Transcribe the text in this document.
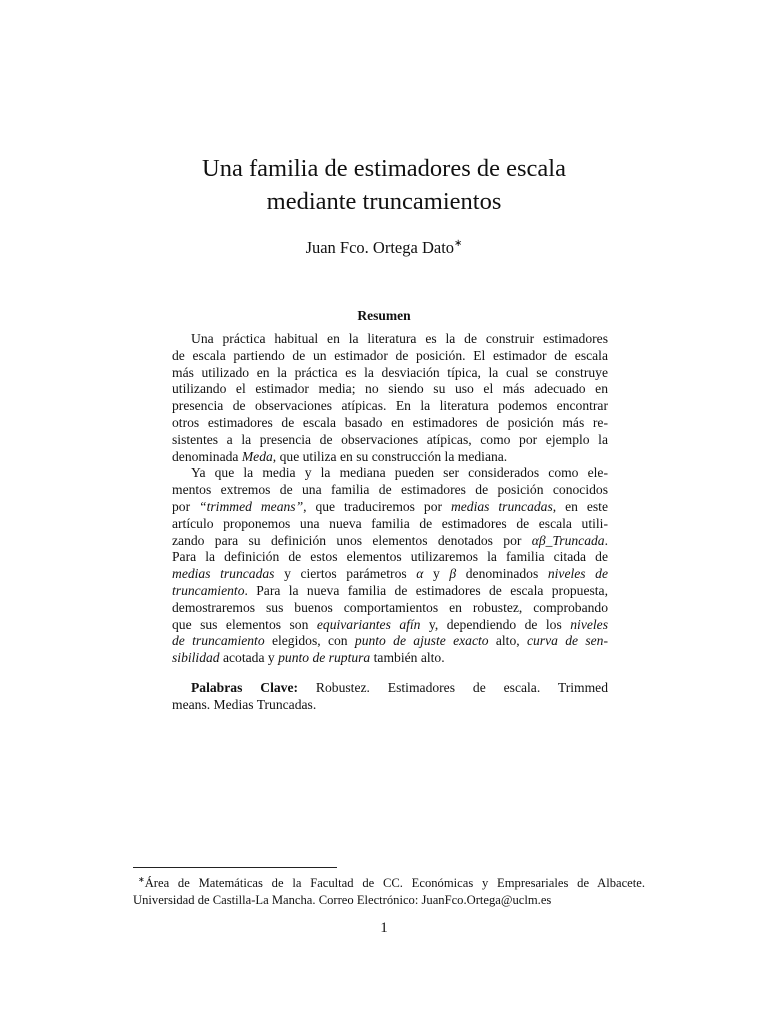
Una familia de estimadores de escala
mediante truncamientos
Juan Fco. Ortega Dato∗
Resumen
Una práctica habitual en la literatura es la de construir estimadores
de escala partiendo de un estimador de posición. El estimador de escala
más utilizado en la práctica es la desviación típica, la cual se construye
utilizando el estimador media; no siendo su uso el más adecuado en
presencia de observaciones atípicas. En la literatura podemos encontrar
otros estimadores de escala basado en estimadores de posición más re-
sistentes a la presencia de observaciones atípicas, como por ejemplo la
denominada Meda, que utiliza en su construcción la mediana.
Ya que la media y la mediana pueden ser considerados como ele-
mentos extremos de una familia de estimadores de posición conocidos
por “trimmed means”, que traduciremos por medias truncadas, en este
artículo proponemos una nueva familia de estimadores de escala utili-
zando para su definición unos elementos denotados por αβ_Truncada.
Para la definición de estos elementos utilizaremos la familia citada de
medias truncadas y ciertos parámetros α y β denominados niveles de
truncamiento. Para la nueva familia de estimadores de escala propuesta,
demostraremos sus buenos comportamientos en robustez, comprobando
que sus elementos son equivariantes afín y, dependiendo de los niveles
de truncamiento elegidos, con punto de ajuste exacto alto, curva de sen-
sibilidad acotada y punto de ruptura también alto.
Palabras Clave: Robustez. Estimadores de escala. Trimmed
means. Medias Truncadas.
∗Área de Matemáticas de la Facultad de CC. Económicas y Empresariales de Albacete.
Universidad de Castilla-La Mancha. Correo Electrónico: JuanFco.Ortega@uclm.es
1
